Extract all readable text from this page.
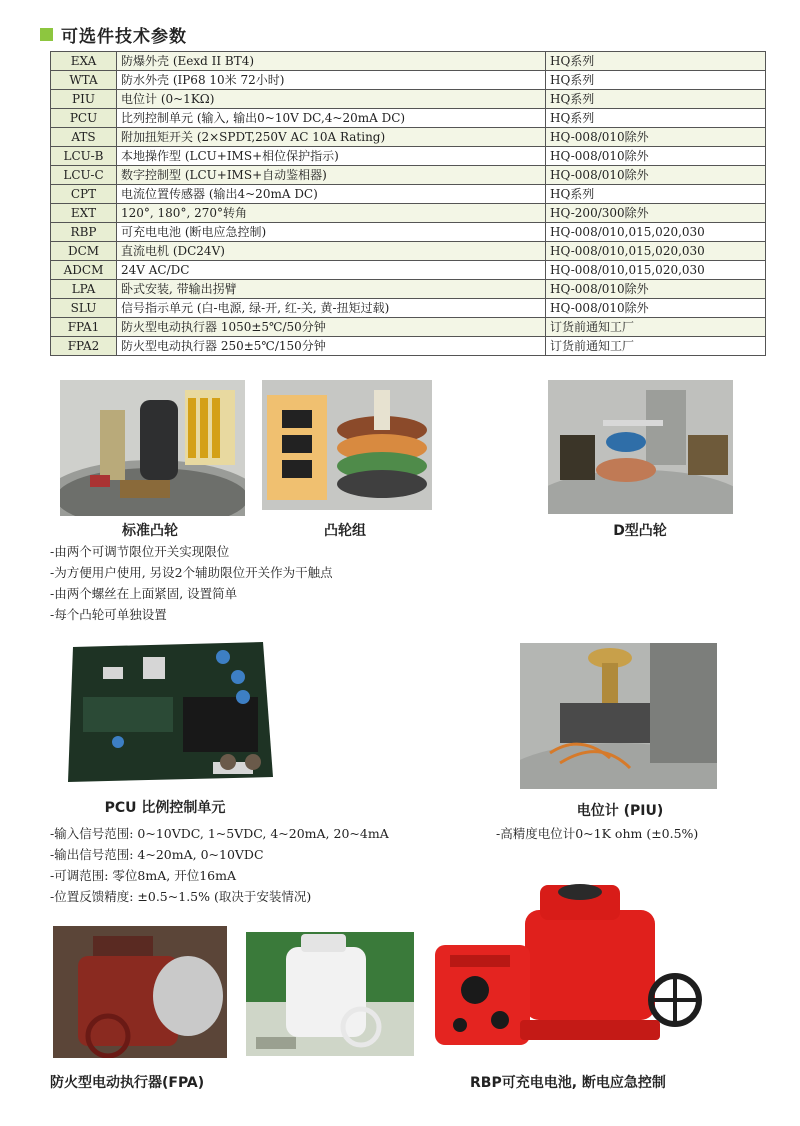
可选件技术参数
EXA	防爆外壳 (Eexd II BT4)	HQ系列
WTA	防水外壳 (IP68 10米 72小时)	HQ系列
PIU	电位计 (0~1KΩ)	HQ系列
PCU	比列控制单元 (输入, 输出0~10V DC,4~20mA DC)	HQ系列
ATS	附加扭矩开关 (2×SPDT,250V AC 10A Rating)	HQ-008/010除外
LCU-B	本地操作型 (LCU+IMS+相位保护指示)	HQ-008/010除外
LCU-C	数字控制型 (LCU+IMS+自动鉴相器)	HQ-008/010除外
CPT	电流位置传感器 (输出4~20mA DC)	HQ系列
EXT	120°, 180°, 270°转角	HQ-200/300除外
RBP	可充电电池 (断电应急控制)	HQ-008/010,015,020,030
DCM	直流电机 (DC24V)	HQ-008/010,015,020,030
ADCM	24V AC/DC	HQ-008/010,015,020,030
LPA	卧式安装, 带输出拐臂	HQ-008/010除外
SLU	信号指示单元 (白-电源, 绿-开, 红-关, 黄-扭矩过载)	HQ-008/010除外
FPA1	防火型电动执行器 1050±5℃/50分钟	订货前通知工厂
FPA2	防火型电动执行器 250±5℃/150分钟	订货前通知工厂
标准凸轮	凸轮组	D型凸轮
-由两个可调节限位开关实现限位
-为方便用户使用, 另设2个辅助限位开关作为干触点
-由两个螺丝在上面紧固, 设置简单
-每个凸轮可单独设置
PCU 比例控制单元	电位计 (PIU)
-输入信号范围: 0~10VDC, 1~5VDC, 4~20mA, 20~4mA
-输出信号范围: 4~20mA, 0~10VDC
-可调范围: 零位8mA, 开位16mA
-位置反馈精度: ±0.5~1.5% (取决于安装情况)
-高精度电位计0~1K ohm (±0.5%)
防火型电动执行器(FPA)	RBP可充电电池, 断电应急控制
